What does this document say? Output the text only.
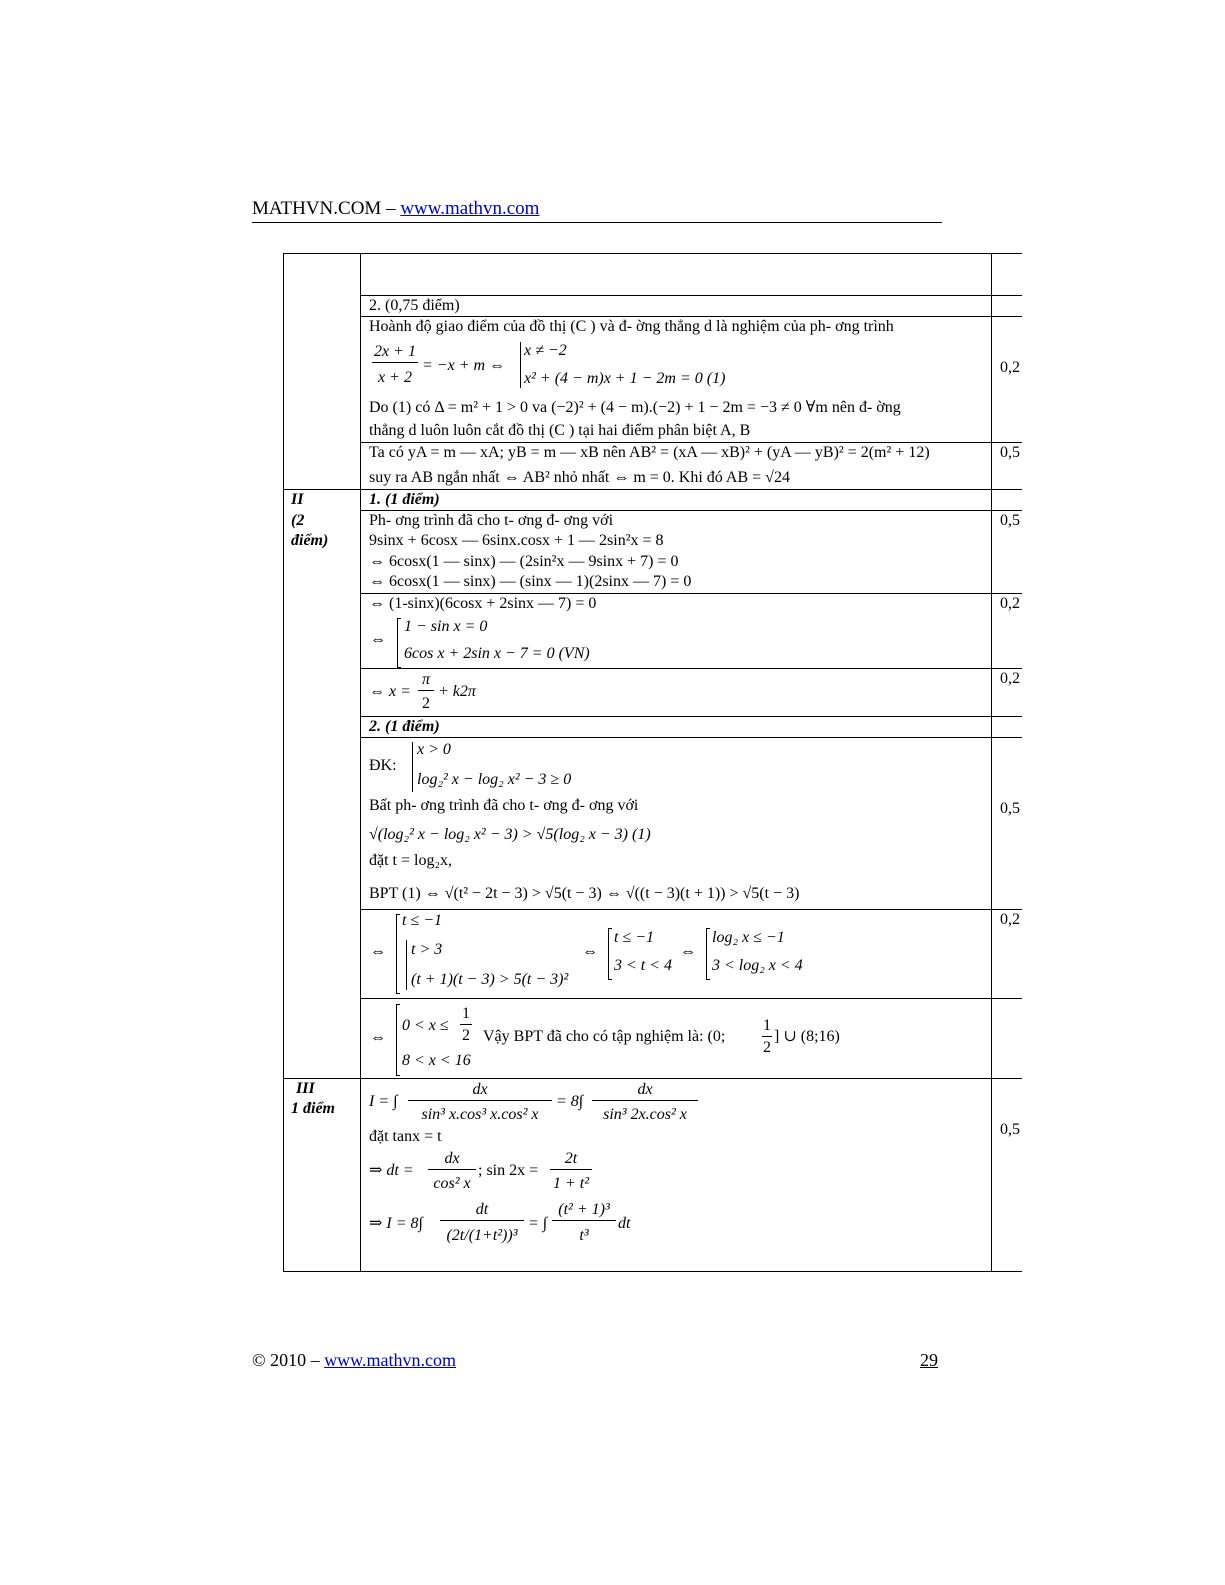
MATHVN.COM – www.mathvn.com
2. (0,75 điểm)
Hoành độ giao điểm của đồ thị (C ) và đ- ờng thẳng d là nghiệm của ph- ơng trình
2x + 1
x + 2
= −x + m ⇔
x ≠ −2
x² + (4 − m)x + 1 − 2m = 0 (1)
Do (1) có Δ = m² + 1 > 0 va (−2)² + (4 − m).(−2) + 1 − 2m = −3 ≠ 0 ∀m nên đ- ờng
thẳng d luôn luôn cắt đồ thị (C ) tại hai điểm phân biệt A, B
Ta có yA = m — xA; yB = m — xB nên AB² = (xA — xB)² + (yA — yB)² = 2(m² + 12)
suy ra AB ngắn nhất ⇔ AB² nhỏ nhất ⇔ m = 0. Khi đó AB = √24
II
(2
điểm)
1. (1 điểm)
Ph- ơng trình đã cho t- ơng đ- ơng với
9sinx + 6cosx — 6sinx.cosx + 1 — 2sin²x = 8
⇔ 6cosx(1 — sinx) — (2sin²x — 9sinx + 7) = 0
⇔ 6cosx(1 — sinx) — (sinx — 1)(2sinx — 7) = 0
⇔ (1-sinx)(6cosx + 2sinx — 7) = 0
⇔
1 − sin x = 0
6cos x + 2sin x − 7 = 0 (VN)
⇔ x =
π
2
+ k2π
2. (1 điểm)
ĐK:
x > 0
log₂² x − log₂ x² − 3 ≥ 0
Bất ph- ơng trình đã cho t- ơng đ- ơng với
√(log₂² x − log₂ x² − 3) > √5(log₂ x − 3) (1)
đặt t = log₂x,
BPT (1) ⇔ √(t² − 2t − 3) > √5(t − 3) ⇔ √((t − 3)(t + 1)) > √5(t − 3)
⇔
t ≤ −1
t > 3
(t + 1)(t − 3) > 5(t − 3)²
⇔
t ≤ −1
3 < t < 4
⇔
log₂ x ≤ −1
3 < log₂ x < 4
⇔
0 < x ≤
1
2
8 < x < 16
Vậy BPT đã cho có tập nghiệm là: (0;
1
2
] ∪ (8;16)
III
1 điểm I = ∫
dx
sin³ x.cos³ x.cos² x
= 8∫
dx
sin³ 2x.cos² x
đặt tanx = t
⇒ dt =
dx
cos² x
; sin 2x =
2t
1 + t²
⇒ I = 8∫
dt
(2t/(1+t²))³
= ∫
(t² + 1)³
t³
dt
0,2
0,5
0,5
0,2
0,2
0,5
0,2
0,5
© 2010 – www.mathvn.com	29
